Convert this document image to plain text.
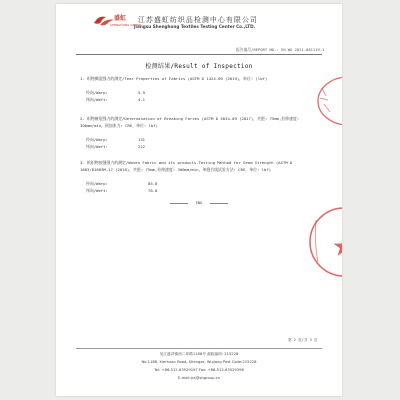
盛虹
SHENGHONG GROUP
江苏盛虹纺织品检测中心有限公司
Jiangsu Shenghong Textiles Testing Center Co.,LTD.
报告编号/REPORT NO.: SH-WX 2021-081119-1
检测结果/Result of Inspection
1. 织物撕裂强力的测定/Tear Properties of Fabrics (ASTM D 1424-09 (2019)，单位: (lbf)
经向/Warp:	5.9
纬向/Weft:	4.1
2. 织物断裂强力的测定/Determination of Breaking Forces (ASTM D 5034-09 (2017)，夹距: 75mm,拉伸速度: 300mm/min，预加张力: CRE，单位: lbf)
经向/Warp:	131
纬向/Weft:	222
3. 机织物接缝强力的测定/Woven Fabric and its products-Testing Method for Seam Strength (ASTM D 1683/D1683M-17 (2018)，夹距: 75mm,拉伸速度: 300mm/min，单缝合线试验方法: CRE，单位: lbf)
经向/Warp:	85.8
纬向/Weft:	76.8
END
第 2 页/共 3 页
吴江盛泽镇西二环路1188号 邮政编码: 215228
No.1188, Xierhuan Road, Shengze, Wujiang Post Code:215228
Tel: +86-512-63529197 Fax: +86-512-63529398
E-mail:jcs@shgroup.cn
